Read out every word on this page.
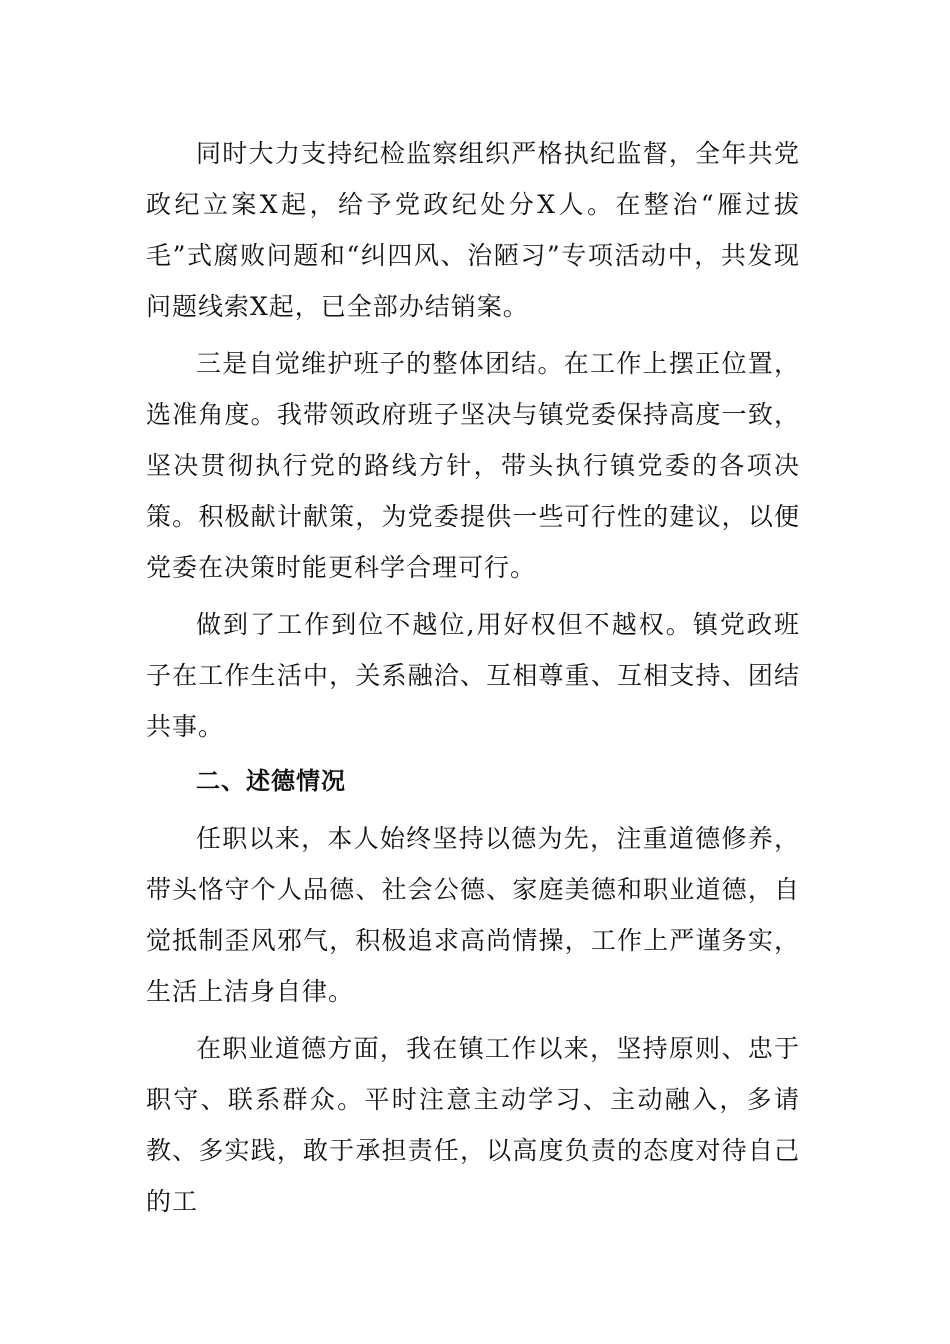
同时大力支持纪检监察组织严格执纪监督，全年共党政纪立案X起，给予党政纪处分X人。在整治“雁过拔毛”式腐败问题和“纠四风、治陋习”专项活动中，共发现问题线索X起，已全部办结销案。

三是自觉维护班子的整体团结。在工作上摆正位置，选准角度。我带领政府班子坚决与镇党委保持高度一致，坚决贯彻执行党的路线方针，带头执行镇党委的各项决策。积极献计献策，为党委提供一些可行性的建议，以便党委在决策时能更科学合理可行。

做到了工作到位不越位,用好权但不越权。镇党政班子在工作生活中，关系融洽、互相尊重、互相支持、团结共事。

二、述德情况

任职以来，本人始终坚持以德为先，注重道德修养，带头恪守个人品德、社会公德、家庭美德和职业道德，自觉抵制歪风邪气，积极追求高尚情操，工作上严谨务实，生活上洁身自律。

在职业道德方面，我在镇工作以来，坚持原则、忠于职守、联系群众。平时注意主动学习、主动融入，多请教、多实践，敢于承担责任，以高度负责的态度对待自己的工
